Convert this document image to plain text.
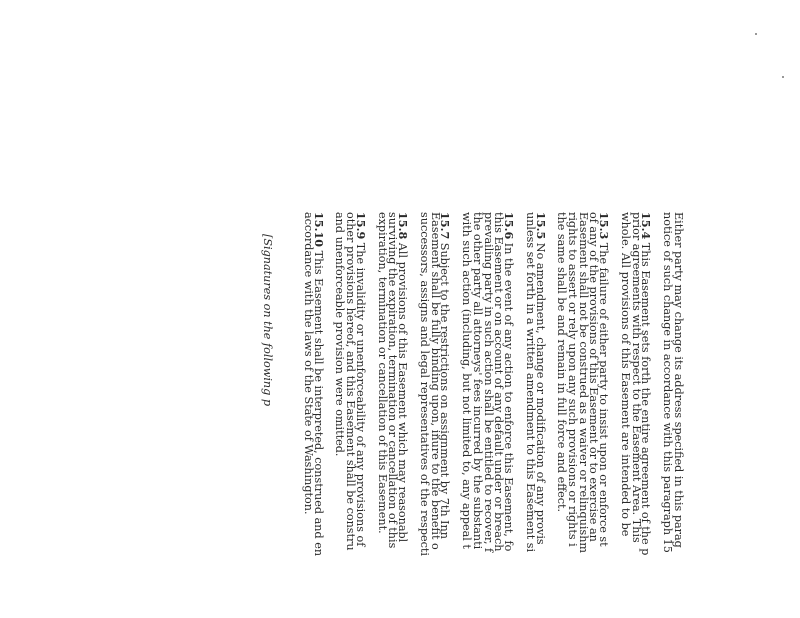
Either party may change its address specified in this parag
notice of such change in accordance with this paragraph 15
15.4 This Easement sets forth the entire agreement of the p
prior agreements with respect to the Easement Area. This
whole. All provisions of this Easement are intended to be
15.3 The failure of either party to insist upon or enforce st
of any of the provisions of this Easement or to exercise an
Easement shall not be construed as a waiver or relinquishm
rights to assert or rely upon any such provisions or rights i
the same shall be and remain in full force and effect.
15.5 No amendment, change or modification of any provis
unless set forth in a written amendment to this Easement si
15.6 In the event of any action to enforce this Easement, fo
this Easement or on account of any default under or breach
prevailing party in such action shall be entitled to recover, f
the other party all attorneys' fees incurred by the substanti
with such action (including, but not limited to, any appeal t
15.7 Subject to the restrictions on assignment by 7th Inn
Easement shall be fully binding upon, inure to the benefit o
successors, assigns and legal representatives of the respecti
15.8 All provisions of this Easement which may reasonabl
surviving the expiration, termination or cancellation of this
expiration, termination or cancellation of this Easement.
15.9 The invalidity or unenforceability of any provisions of
other provisions hereof, and this Easement shall be constru
and unenforceable provision were omitted.
15.10 This Easement shall be interpreted, construed and en
accordance with the laws of the State of Washington.
[Signatures on the following p
